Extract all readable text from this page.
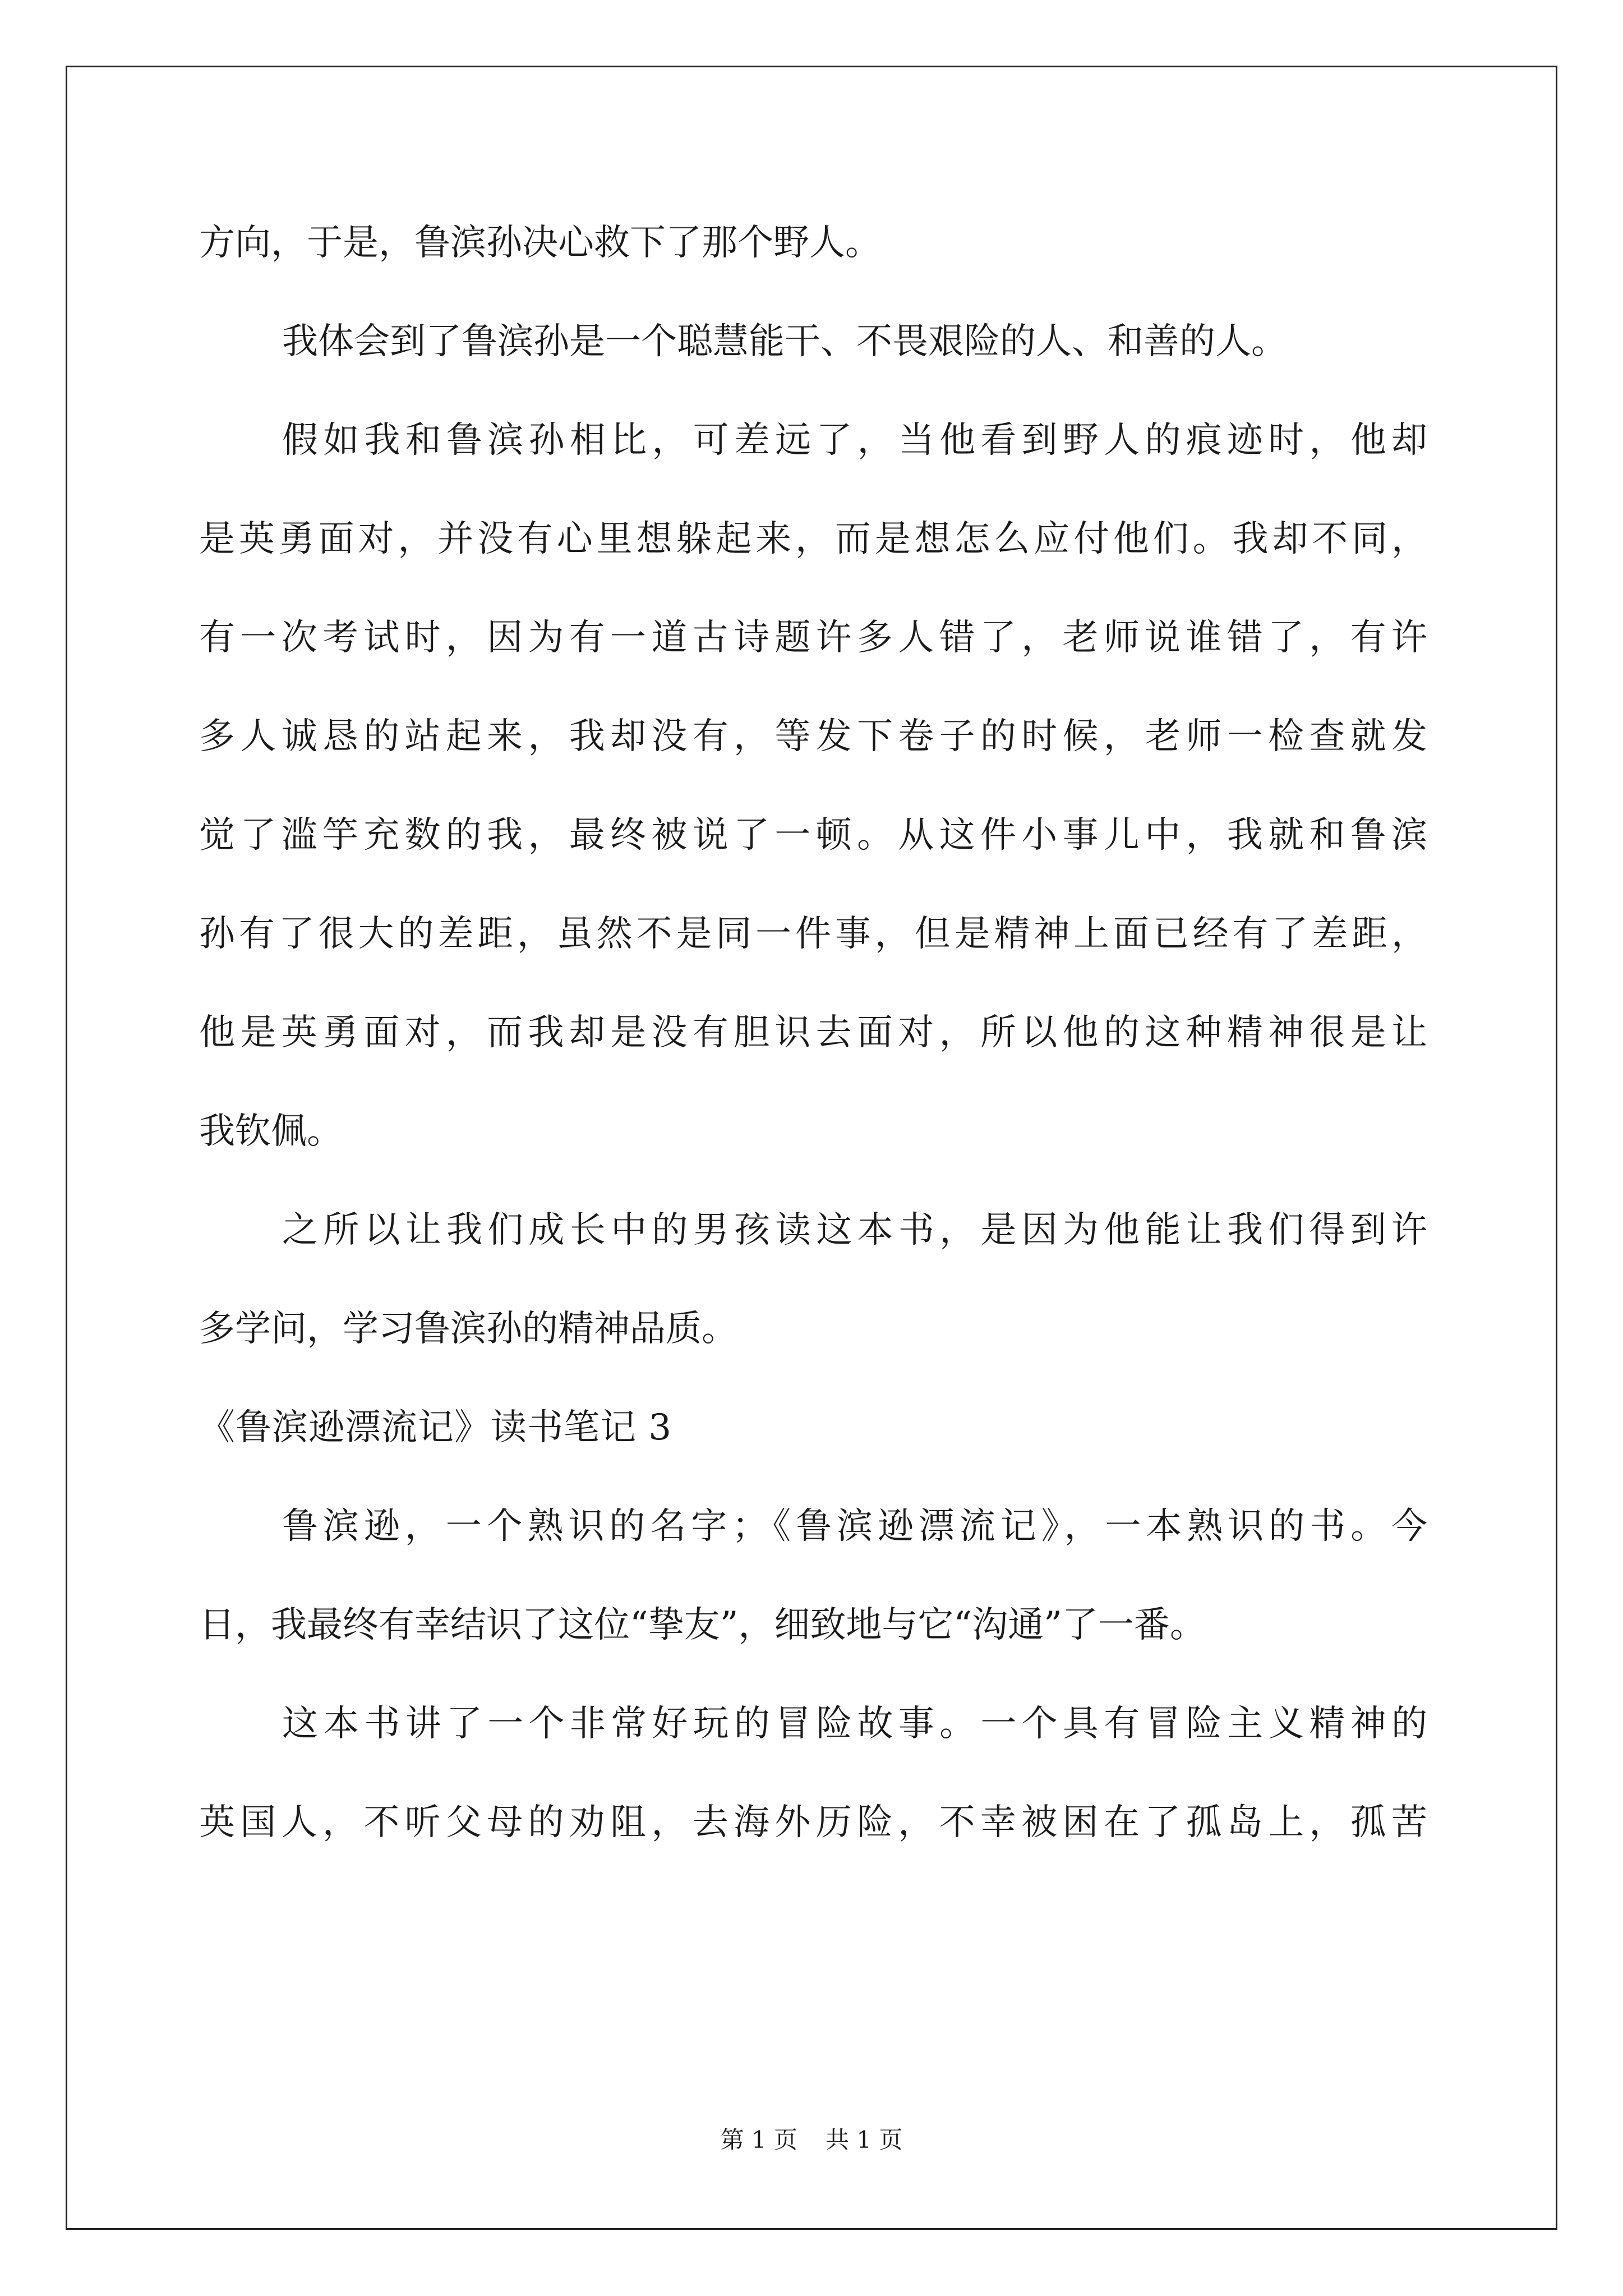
方向，于是，鲁滨孙决心救下了那个野人。
我体会到了鲁滨孙是一个聪慧能干、不畏艰险的人、和善的人。
假如我和鲁滨孙相比，可差远了，当他看到野人的痕迹时，他却
是英勇面对，并没有心里想躲起来，而是想怎么应付他们。我却不同，
有一次考试时，因为有一道古诗题许多人错了，老师说谁错了，有许
多人诚恳的站起来，我却没有，等发下卷子的时候，老师一检查就发
觉了滥竽充数的我，最终被说了一顿。从这件小事儿中，我就和鲁滨
孙有了很大的差距，虽然不是同一件事，但是精神上面已经有了差距，
他是英勇面对，而我却是没有胆识去面对，所以他的这种精神很是让
我钦佩。
之所以让我们成长中的男孩读这本书，是因为他能让我们得到许
多学问，学习鲁滨孙的精神品质。
《鲁滨逊漂流记》读书笔记 3
鲁滨逊，一个熟识的名字；《鲁滨逊漂流记》，一本熟识的书。今
日，我最终有幸结识了这位“挚友”，细致地与它“沟通”了一番。
这本书讲了一个非常好玩的冒险故事。一个具有冒险主义精神的
英国人，不听父母的劝阻，去海外历险，不幸被困在了孤岛上，孤苦
第 1 页 共 1 页
